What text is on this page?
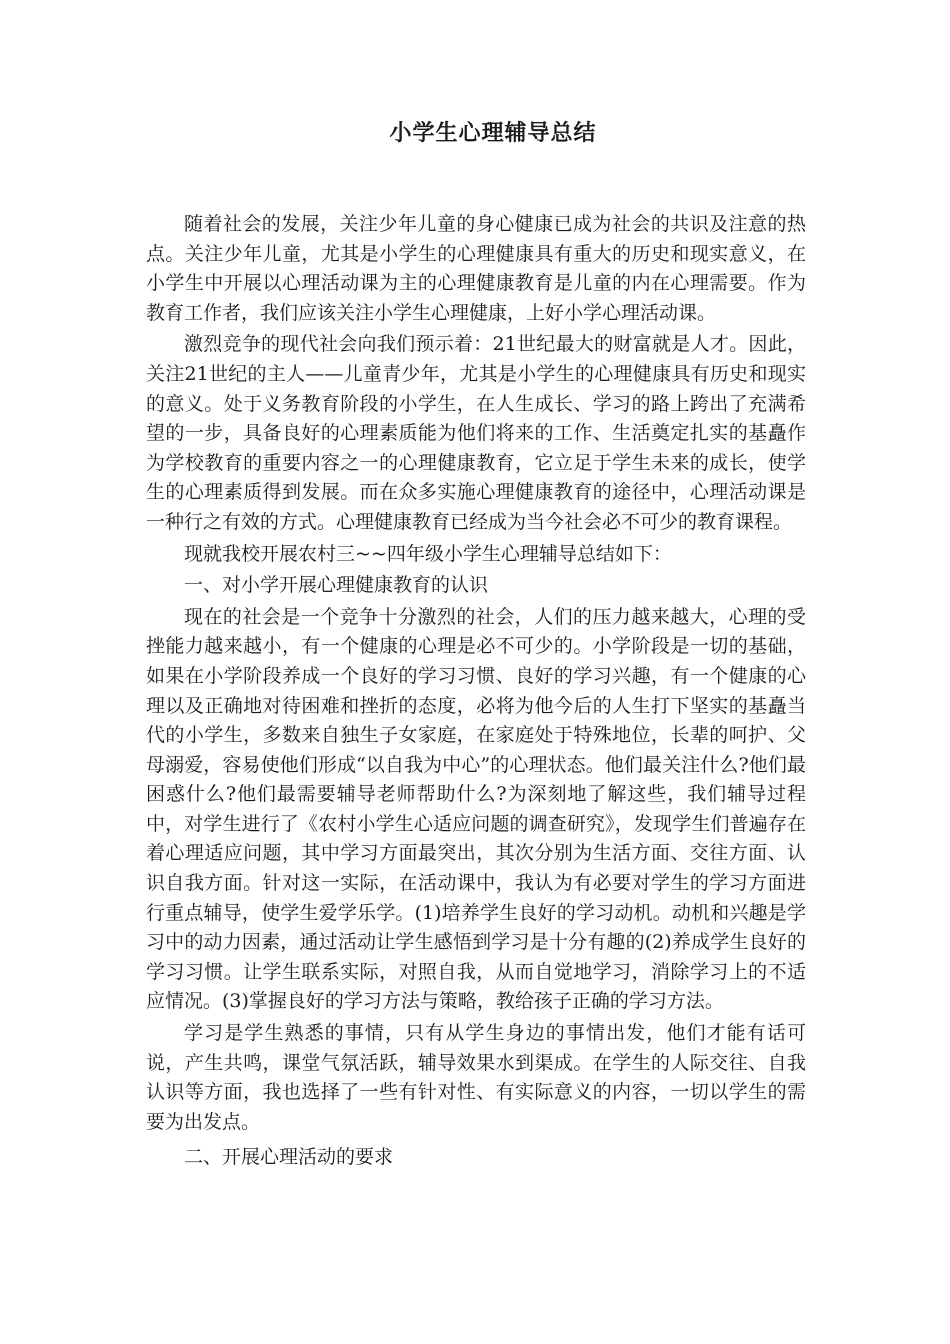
小学生心理辅导总结

随着社会的发展，关注少年儿童的身心健康已成为社会的共识及注意的热点。关注少年儿童，尤其是小学生的心理健康具有重大的历史和现实意义，在小学生中开展以心理活动课为主的心理健康教育是儿童的内在心理需要。作为教育工作者，我们应该关注小学生心理健康，上好小学心理活动课。

激烈竞争的现代社会向我们预示着：21世纪最大的财富就是人才。因此，关注21世纪的主人——儿童青少年，尤其是小学生的心理健康具有历史和现实的意义。处于义务教育阶段的小学生，在人生成长、学习的路上跨出了充满希望的一步，具备良好的心理素质能为他们将来的工作、生活奠定扎实的基矗作为学校教育的重要内容之一的心理健康教育，它立足于学生未来的成长，使学生的心理素质得到发展。而在众多实施心理健康教育的途径中，心理活动课是一种行之有效的方式。心理健康教育已经成为当今社会必不可少的教育课程。

现就我校开展农村三~~四年级小学生心理辅导总结如下：

一、对小学开展心理健康教育的认识

现在的社会是一个竞争十分激烈的社会，人们的压力越来越大，心理的受挫能力越来越小，有一个健康的心理是必不可少的。小学阶段是一切的基础，如果在小学阶段养成一个良好的学习习惯、良好的学习兴趣，有一个健康的心理以及正确地对待困难和挫折的态度，必将为他今后的人生打下坚实的基矗当代的小学生，多数来自独生子女家庭，在家庭处于特殊地位，长辈的呵护、父母溺爱，容易使他们形成“以自我为中心”的心理状态。他们最关注什么?他们最困惑什么?他们最需要辅导老师帮助什么?为深刻地了解这些，我们辅导过程中，对学生进行了《农村小学生心适应问题的调查研究》，发现学生们普遍存在着心理适应问题，其中学习方面最突出，其次分别为生活方面、交往方面、认识自我方面。针对这一实际，在活动课中，我认为有必要对学生的学习方面进行重点辅导，使学生爱学乐学。(1)培养学生良好的学习动机。动机和兴趣是学习中的动力因素，通过活动让学生感悟到学习是十分有趣的(2)养成学生良好的学习习惯。让学生联系实际，对照自我，从而自觉地学习，消除学习上的不适应情况。(3)掌握良好的学习方法与策略，教给孩子正确的学习方法。

学习是学生熟悉的事情，只有从学生身边的事情出发，他们才能有话可说，产生共鸣，课堂气氛活跃，辅导效果水到渠成。在学生的人际交往、自我认识等方面，我也选择了一些有针对性、有实际意义的内容，一切以学生的需要为出发点。

二、开展心理活动的要求
